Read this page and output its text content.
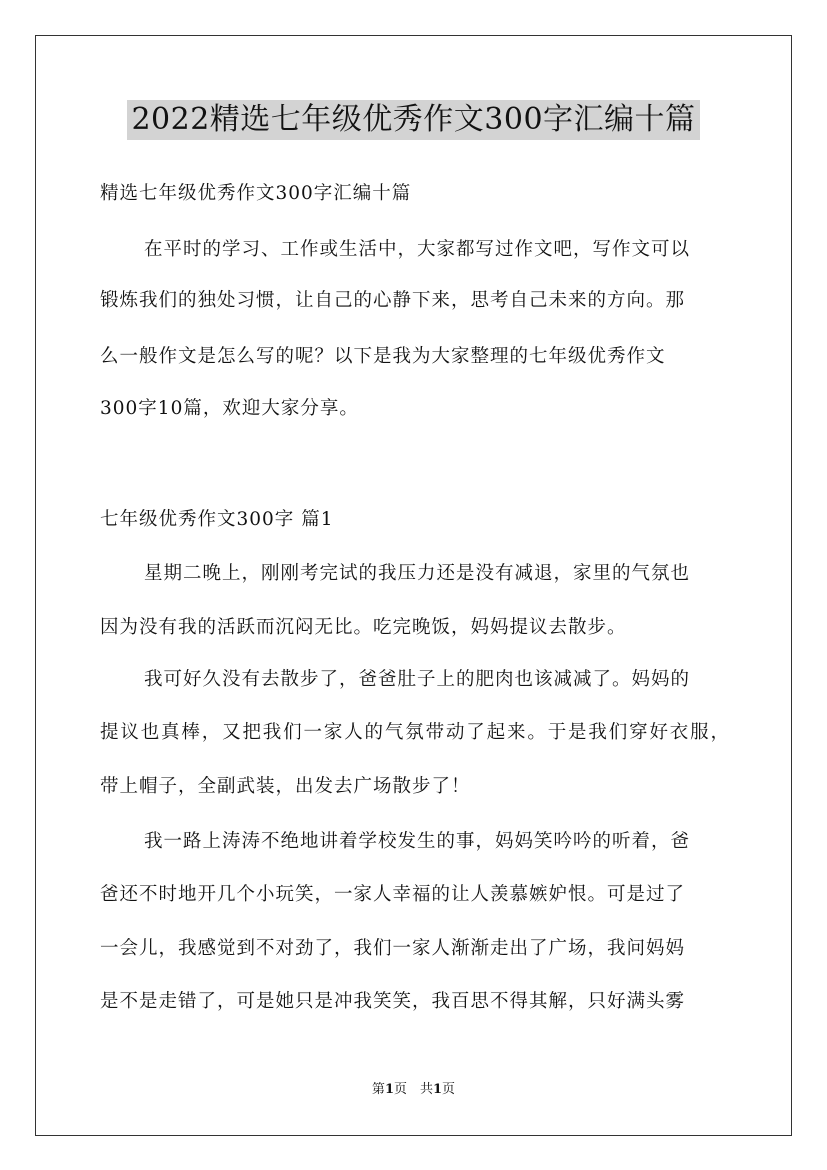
2022精选七年级优秀作文300字汇编十篇
精选七年级优秀作文300字汇编十篇
在平时的学习、工作或生活中，大家都写过作文吧，写作文可以
锻炼我们的独处习惯，让自己的心静下来，思考自己未来的方向。那
么一般作文是怎么写的呢？以下是我为大家整理的七年级优秀作文
300字10篇，欢迎大家分享。
七年级优秀作文300字 篇1
星期二晚上，刚刚考完试的我压力还是没有减退，家里的气氛也
因为没有我的活跃而沉闷无比。吃完晚饭，妈妈提议去散步。
我可好久没有去散步了，爸爸肚子上的肥肉也该减减了。妈妈的
提议也真棒，又把我们一家人的气氛带动了起来。于是我们穿好衣服，
带上帽子，全副武装，出发去广场散步了！
我一路上涛涛不绝地讲着学校发生的事，妈妈笑吟吟的听着，爸
爸还不时地开几个小玩笑，一家人幸福的让人羡慕嫉妒恨。可是过了
一会儿，我感觉到不对劲了，我们一家人渐渐走出了广场，我问妈妈
是不是走错了，可是她只是冲我笑笑，我百思不得其解，只好满头雾
第1页　共1页
